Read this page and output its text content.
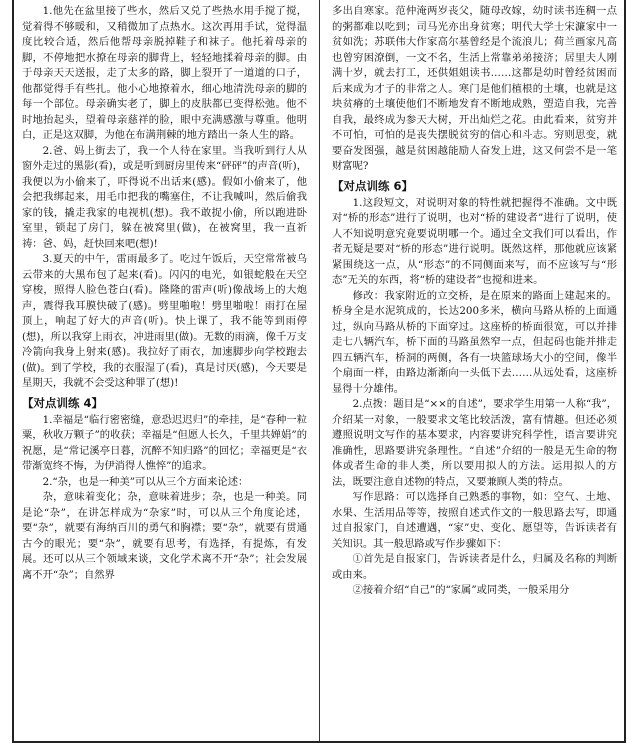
1.他先在盆里接了些水，然后又兑了些热水用手搅了搅，觉着得不够暖和，又稍微加了点热水。这次再用手试，觉得温度比较合适，然后他帮母亲脱掉鞋子和袜子。他托着母亲的脚，不停地把水撩在母亲的脚背上，轻轻地揉着母亲的脚。由于母亲天天送报，走了太多的路，脚上裂开了一道道的口子，他都觉得手有些扎。他小心地撩着水，细心地清洗母亲的脚的每一个部位。母亲确实老了，脚上的皮肤都已变得松弛。他不时地抬起头，望着母亲慈祥的脸，眼中充满感激与尊重。他明白，正是这双脚，为他在布满荆棘的地方踏出一条人生的路。

2.爸、妈上街去了，我一个人待在家里。当我听到行人从窗外走过的黑影(看)，或是听到厨房里传来“砰砰”的声音(听)，我便以为小偷来了，吓得说不出话来(感)。假如小偷来了，他会把我绑起来，用毛巾把我的嘴塞住，不让我喊叫，然后偷我家的钱，撬走我家的电视机(想)。我不敢捉小偷，所以跑进卧室里，锁起了房门，躲在被窝里(做)，在被窝里，我一直祈祷：爸、妈，赶快回来吧(想)!

3.夏天的中午，雷雨最多了。吃过午饭后，天空常常被乌云带来的大黑布包了起来(看)。闪闪的电光，如银蛇般在天空穿梭，照得人脸色苍白(看)。隆隆的雷声(听)像战场上的大炮声，震得我耳膜快破了(感)。劈里啪啦！劈里啪啦！雨打在屋顶上，响起了好大的声音(听)。快上课了，我不能等到雨停(想)，所以我穿上雨衣，冲进雨里(做)。无数的雨滴，像千万支冷箭向我身上射来(感)。我拉好了雨衣，加速脚步向学校跑去(做)。到了学校，我的衣服湿了(看)，真是讨厌(感)，今天要是星期天，我就不会受这种罪了(想)!

【对点训练 4】

1.幸福是“临行密密缝，意恐迟迟归”的牵挂，是“春种一粒粟，秋收万颗子”的收获；幸福是“但愿人长久，千里共婵娟”的祝愿，是“常记溪亭日暮，沉醉不知归路”的回忆；幸福更是“衣带渐宽终不悔，为伊消得人憔悴”的追求。

2.“杂，也是一种美”可以从三个方面来论述：

杂，意味着变化；杂，意味着进步；杂，也是一种美。同是论“杂”，在讲怎样成为“杂家”时，可以从三个角度论述，要“杂”，就要有海纳百川的勇气和胸襟；要“杂”，就要有贯通古今的眼光；要“杂”，就要有思考，有选择，有提炼，有发展。还可以从三个领域来谈，文化学术离不开“杂”；社会发展离不开“杂”；自然界

多出自寒家。范仲淹两岁丧父，随母改嫁，幼时读书连稠一点的粥都难以吃到；司马光亦出身贫寒；明代大学士宋濂家中一贫如洗；苏联伟大作家高尔基曾经是个流浪儿；荷兰画家凡高也曾穷困潦倒，一文不名，生活上常靠弟弟接济；居里夫人刚满十岁，就去打工，还供姐姐读书……这都是幼时曾经贫困而后来成为才子的非常之人。寒门是他们植根的土壤，也就是这块贫瘠的土壤使他们不断地发育不断地成熟，塑造自我，完善自我，最终成为参天大树，开出灿烂之花。由此看来，贫穷并不可怕，可怕的是丧失摆脱贫穷的信心和斗志。穷则思变，就要奋发图强，越是贫困越能励人奋发上进，这又何尝不是一笔财富呢?

【对点训练 6】

1.这段短文，对说明对象的特性就把握得不准确。文中既对“桥的形态”进行了说明，也对“桥的建设者”进行了说明，使人不知说明意究竟要说明哪一个。通过全文我们可以看出，作者无疑是要对“桥的形态”进行说明。既然这样，那他就应该紧紧围绕这一点，从“形态”的不同侧面来写，而不应该写与“形态”无关的东西，将“桥的建设者”也搅和进来。

修改：我家附近的立交桥，是在原来的路面上建起来的。桥身全是水泥筑成的，长达200多米，横向马路从桥的上面通过，纵向马路从桥的下面穿过。这座桥的桥面很宽，可以并排走七八辆汽车，桥下面的马路虽然窄一点，但起码也能并排走四五辆汽车，桥洞的两侧，各有一块篮球场大小的空间，像半个扇面一样，由路边渐渐向一头低下去……从远处看，这座桥显得十分雄伟。

2.点拨：题目是“××的自述”，要求学生用第一人称“我”，介绍某一对象，一般要求文笔比较活泼，富有情趣。但还必须遵照说明文写作的基本要求，内容要讲究科学性，语言要讲究准确性，思路要讲究条理性。“自述”介绍的一般是无生命的物体或者生命的非人类，所以要用拟人的方法。运用拟人的方法，既要注意自述物的特点，又要兼顾人类的特点。

写作思路：可以选择自己熟悉的事物，如：空气、土地、水果、生活用品等等，按照自述式作文的一般思路去写，即通过自报家门，自述遭遇，“家”史、变化、愿望等，告诉读者有关知识。其一般思路或写作步骤如下：

①首先是自报家门，告诉读者是什么，归属及名称的判断或由来。

②接着介绍“自己”的“家属”或同类，一般采用分
